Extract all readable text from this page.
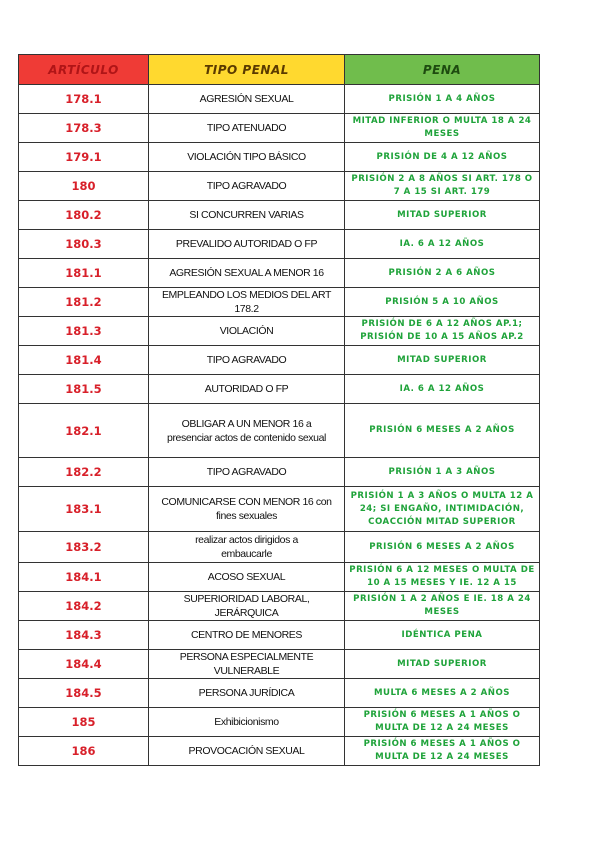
ARTÍCULO	TIPO PENAL	PENA
178.1	AGRESIÓN SEXUAL	PRISIÓN 1 A 4 AÑOS
178.3	TIPO ATENUADO	MITAD INFERIOR O MULTA 18 A 24 MESES
179.1	VIOLACIÓN TIPO BÁSICO	PRISIÓN DE 4 A 12 AÑOS
180	TIPO AGRAVADO	PRISIÓN 2 A 8 AÑOS SI ART. 178 O 7 A 15 SI ART. 179
180.2	SI CONCURREN VARIAS	MITAD SUPERIOR
180.3	PREVALIDO AUTORIDAD O FP	IA. 6 A 12 AÑOS
181.1	AGRESIÓN SEXUAL A MENOR 16	PRISIÓN 2 A 6 AÑOS
181.2	EMPLEANDO LOS MEDIOS DEL ART 178.2	PRISIÓN 5 A 10 AÑOS
181.3	VIOLACIÓN	PRISIÓN DE 6 A 12 AÑOS AP.1; PRISIÓN DE 10 A 15 AÑOS AP.2
181.4	TIPO AGRAVADO	MITAD SUPERIOR
181.5	AUTORIDAD O FP	IA. 6 A 12 AÑOS
182.1	OBLIGAR A UN MENOR 16 a presenciar actos de contenido sexual	PRISIÓN 6 MESES A 2 AÑOS
182.2	TIPO AGRAVADO	PRISIÓN 1 A 3 AÑOS
183.1	COMUNICARSE CON MENOR 16 con fines sexuales	PRISIÓN 1 A 3 AÑOS O MULTA 12 A 24; SI ENGAÑO, INTIMIDACIÓN, COACCIÓN MITAD SUPERIOR
183.2	realizar actos dirigidos a embaucarle	PRISIÓN 6 MESES A 2 AÑOS
184.1	ACOSO SEXUAL	PRISIÓN 6 A 12 MESES O MULTA DE 10 A 15 MESES Y IE. 12 A 15
184.2	SUPERIORIDAD LABORAL, JERÁRQUICA	PRISIÓN 1 A 2 AÑOS E IE. 18 A 24 MESES
184.3	CENTRO DE MENORES	IDÉNTICA PENA
184.4	PERSONA ESPECIALMENTE VULNERABLE	MITAD SUPERIOR
184.5	PERSONA JURÍDICA	MULTA 6 MESES A 2 AÑOS
185	Exhibicionismo	PRISIÓN 6 MESES A 1 AÑOS O MULTA DE 12 A 24 MESES
186	PROVOCACIÓN SEXUAL	PRISIÓN 6 MESES A 1 AÑOS O MULTA DE 12 A 24 MESES
